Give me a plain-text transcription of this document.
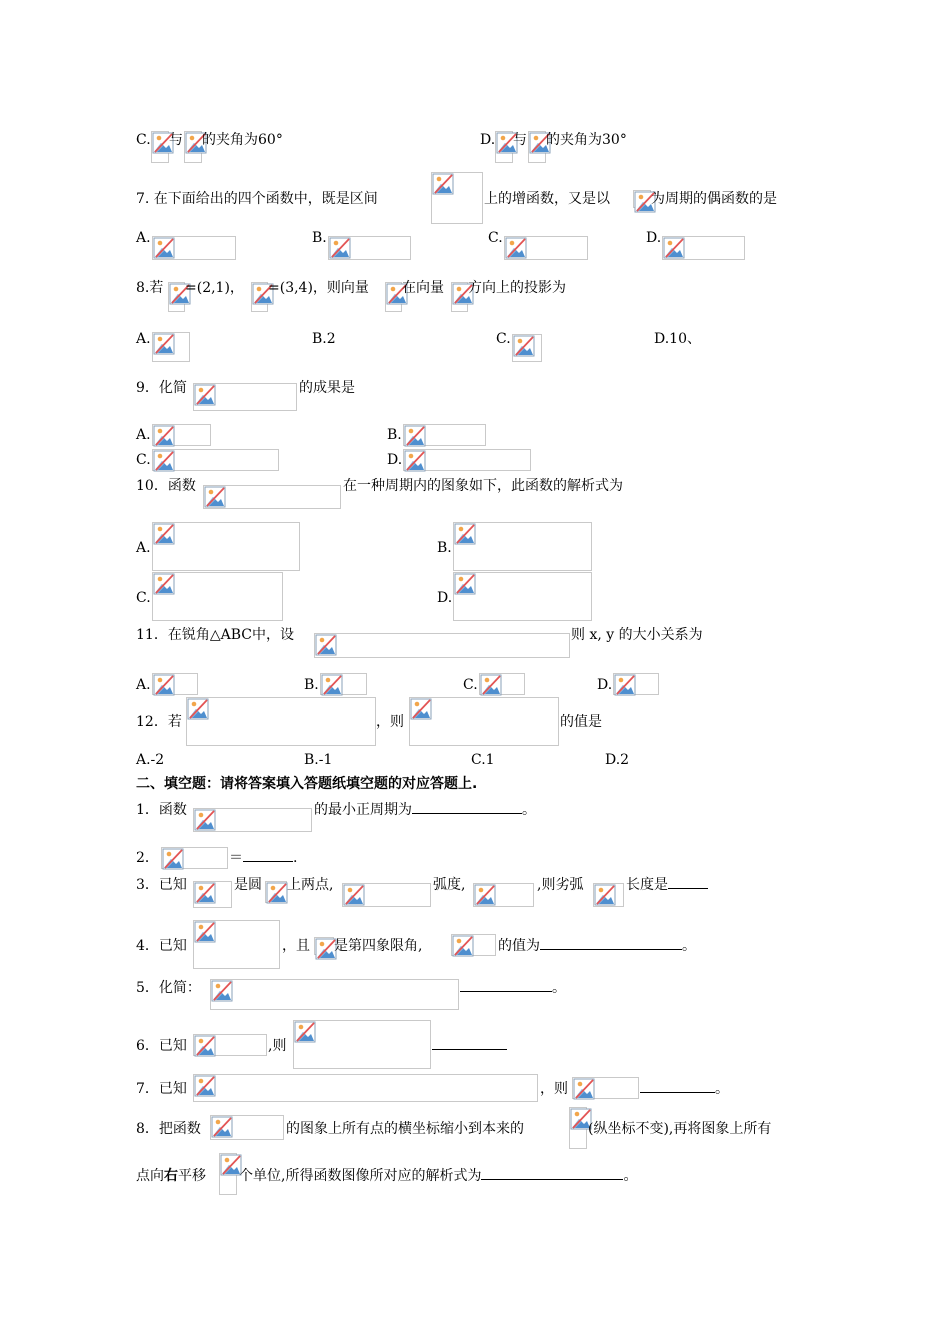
C. 与 的夹角为60°	D. 与 的夹角为30°
7. 在下面给出的四个函数中，既是区间	上的增函数，又是以	为周期的偶函数的是
A.	B.	C.	D.
8.若 =(2,1)， =(3,4)，则向量 在向量 方向上的投影为
A.	B.2	C.	D.10、
9．化简	的成果是
A.	B.
C.	D.
10．函数	在一种周期内的图象如下，此函数的解析式为
A.	B.
C.	D.
11．在锐角△ABC中，设	则 x, y 的大小关系为
A.	B.	C.	D.
12．若	，则	的值是
A.-2	B.-1	C.1	D.2
二、填空题：请将答案填入答题纸填空题的对应答题上.
1．函数	的最小正周期为	。
2．	＝	.
3．已知	是圆 上两点,	弧度,	,则劣弧	长度是
4．已知	，且 是第四象限角,	的值为	。
5．化简：	。
6．已知	,则
7．已知	，则	。
8．把函数	的图象上所有点的横坐标缩小到本来的	(纵坐标不变),再将图象上所有
点向右平移 个单位,所得函数图像所对应的解析式为	。
